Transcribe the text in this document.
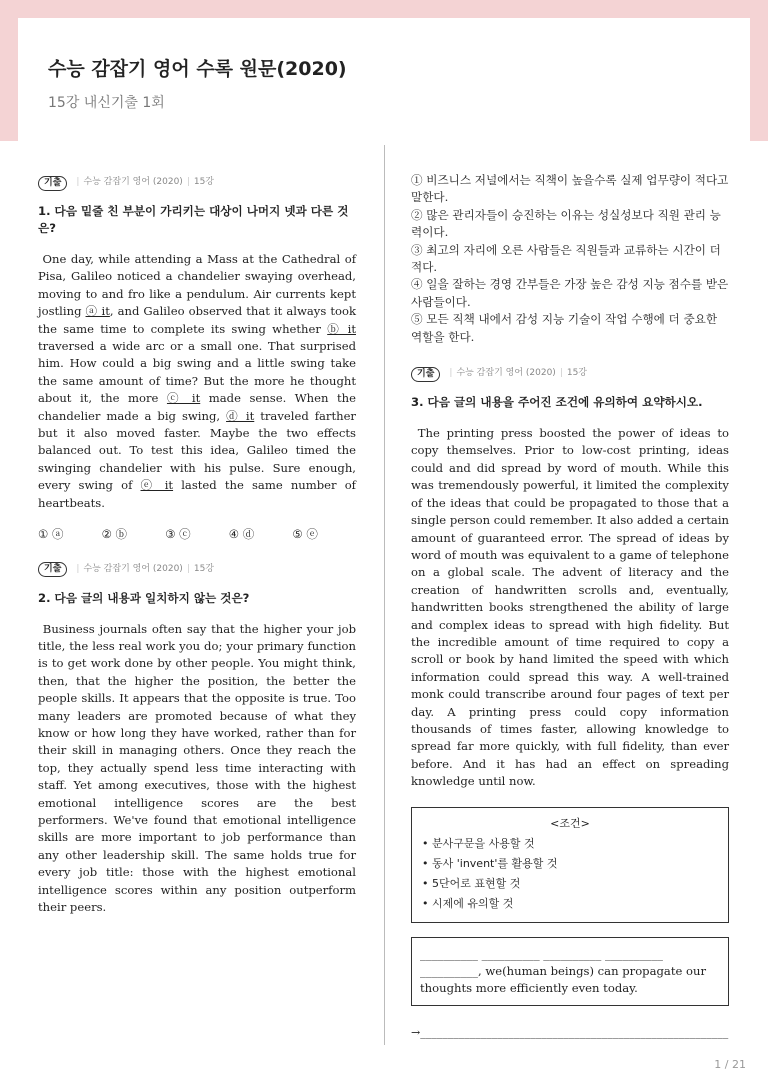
수능 감잡기 영어 수록 원문(2020)
15강 내신기출 1회
기출	| 수능 감잡기 영어 (2020) | 15강
1. 다음 밑줄 친 부분이 가리키는 대상이 나머지 넷과 다른 것은?

One day, while attending a Mass at the Cathedral of Pisa, Galileo noticed a chandelier swaying overhead, moving to and fro like a pendulum. Air currents kept jostling ⓐ it, and Galileo observed that it always took the same time to complete its swing whether ⓑ it traversed a wide arc or a small one. That surprised him. How could a big swing and a little swing take the same amount of time? But the more he thought about it, the more ⓒ it made sense. When the chandelier made a big swing, ⓓ it traveled farther but it also moved faster. Maybe the two effects balanced out. To test this idea, Galileo timed the swinging chandelier with his pulse. Sure enough, every swing of ⓔ it lasted the same number of heartbeats.

① ⓐ	② ⓑ	③ ⓒ	④ ⓓ	⑤ ⓔ
기출	| 수능 감잡기 영어 (2020) | 15강
2. 다음 글의 내용과 일치하지 않는 것은?

Business journals often say that the higher your job title, the less real work you do; your primary function is to get work done by other people. You might think, then, that the higher the position, the better the people skills. It appears that the opposite is true. Too many leaders are promoted because of what they know or how long they have worked, rather than for their skill in managing others. Once they reach the top, they actually spend less time interacting with staff. Yet among executives, those with the highest emotional intelligence scores are the best performers. We've found that emotional intelligence skills are more important to job performance than any other leadership skill. The same holds true for every job title: those with the highest emotional intelligence scores within any position outperform their peers.

① 비즈니스 저널에서는 직책이 높을수록 실제 업무량이 적다고 말한다.
② 많은 관리자들이 승진하는 이유는 성실성보다 직원 관리 능력이다.
③ 최고의 자리에 오른 사람들은 직원들과 교류하는 시간이 더 적다.
④ 일을 잘하는 경영 간부들은 가장 높은 감성 지능 점수를 받은 사람들이다.
⑤ 모든 직책 내에서 감성 지능 기술이 작업 수행에 더 중요한 역할을 한다.
기출	| 수능 감잡기 영어 (2020) | 15강
3. 다음 글의 내용을 주어진 조건에 유의하여 요약하시오.

The printing press boosted the power of ideas to copy themselves. Prior to low-cost printing, ideas could and did spread by word of mouth. While this was tremendously powerful, it limited the complexity of the ideas that could be propagated to those that a single person could remember. It also added a certain amount of guaranteed error. The spread of ideas by word of mouth was equivalent to a game of telephone on a global scale. The advent of literacy and the creation of handwritten scrolls and, eventually, handwritten books strengthened the ability of large and complex ideas to spread with high fidelity. But the incredible amount of time required to copy a scroll or book by hand limited the speed with which information could spread this way. A well-trained monk could transcribe around four pages of text per day. A printing press could copy information thousands of times faster, allowing knowledge to spread far more quickly, with full fidelity, than ever before. And it has had an effect on spreading knowledge until now.

<조건>
• 분사구문을 사용할 것
• 동사 'invent'를 활용할 것
• 5단어로 표현할 것
• 시제에 유의할 것
__________ __________ __________ __________
__________, we(human beings) can propagate our thoughts more efficiently even today.
→________________________________________________________
1 / 21
